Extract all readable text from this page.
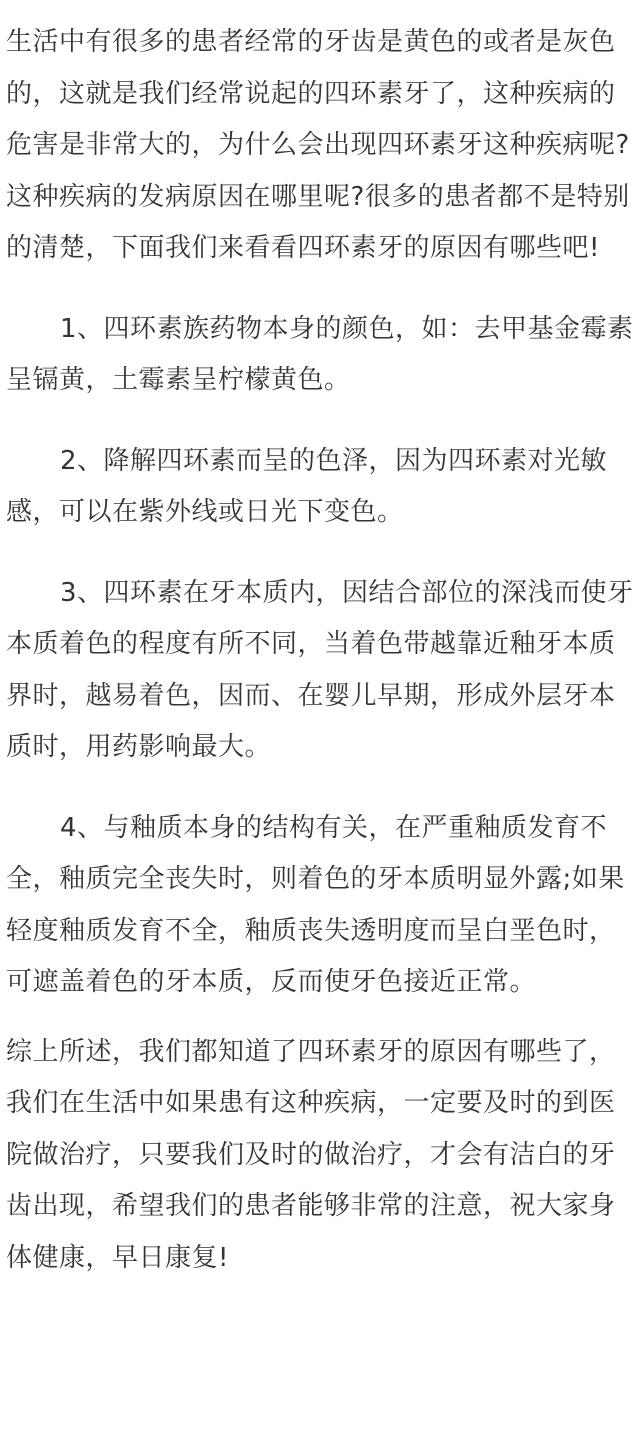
生活中有很多的患者经常的牙齿是黄色的或者是灰色的，这就是我们经常说起的四环素牙了，这种疾病的危害是非常大的，为什么会出现四环素牙这种疾病呢?这种疾病的发病原因在哪里呢?很多的患者都不是特别的清楚，下面我们来看看四环素牙的原因有哪些吧!

1、四环素族药物本身的颜色，如：去甲基金霉素呈镉黄，土霉素呈柠檬黄色。

2、降解四环素而呈的色泽，因为四环素对光敏感，可以在紫外线或日光下变色。

3、四环素在牙本质内，因结合部位的深浅而使牙本质着色的程度有所不同，当着色带越靠近釉牙本质界时，越易着色，因而、在婴儿早期，形成外层牙本质时，用药影响最大。

4、与釉质本身的结构有关，在严重釉质发育不全，釉质完全丧失时，则着色的牙本质明显外露;如果轻度釉质发育不全，釉质丧失透明度而呈白垩色时，可遮盖着色的牙本质，反而使牙色接近正常。

综上所述，我们都知道了四环素牙的原因有哪些了，我们在生活中如果患有这种疾病，一定要及时的到医院做治疗，只要我们及时的做治疗，才会有洁白的牙齿出现，希望我们的患者能够非常的注意，祝大家身体健康，早日康复!
